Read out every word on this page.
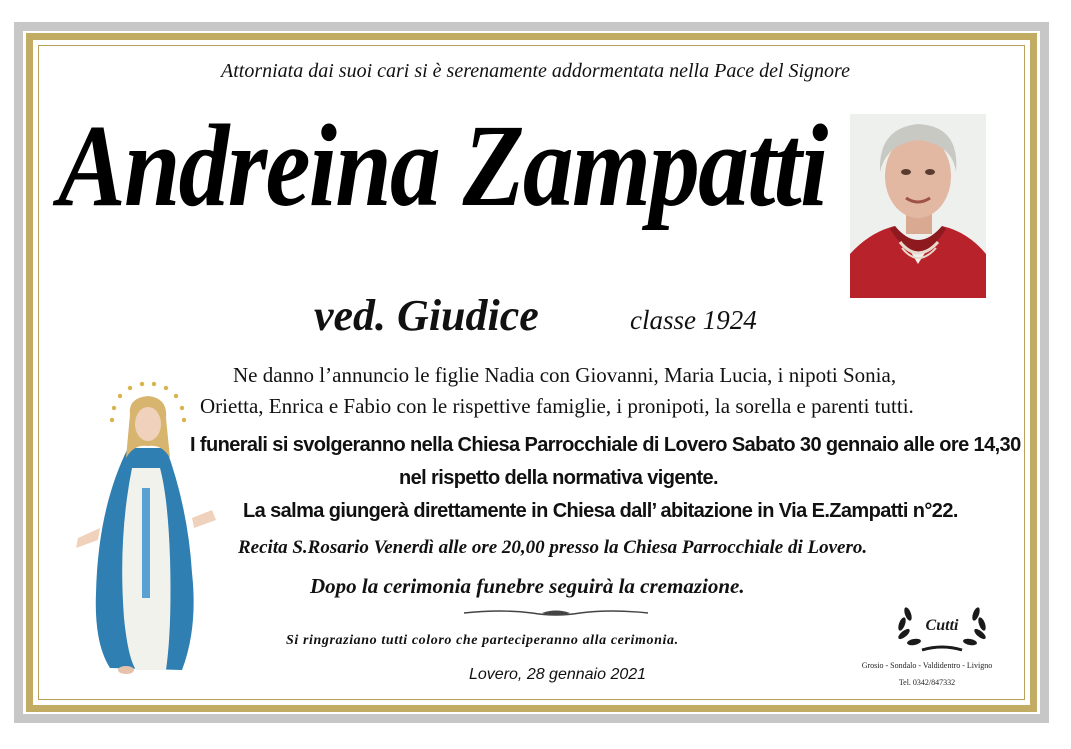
Attorniata dai suoi cari si è serenamente addormentata nella Pace del Signore
Andreina Zampatti
ved. Giudice	classe 1924
Ne danno l’annuncio le figlie Nadia con Giovanni, Maria Lucia, i nipoti Sonia,
Orietta, Enrica e Fabio con le rispettive famiglie, i pronipoti, la sorella e parenti tutti.
I funerali si svolgeranno nella Chiesa Parrocchiale di Lovero Sabato 30 gennaio alle ore 14,30
nel rispetto della normativa vigente.
La salma giungerà direttamente in Chiesa dall’ abitazione in Via E.Zampatti n°22.
Recita S.Rosario Venerdì alle ore 20,00 presso la Chiesa Parrocchiale di Lovero.
Dopo la cerimonia funebre seguirà la cremazione.
Si ringraziano tutti coloro che parteciperanno alla cerimonia.
Lovero, 28 gennaio 2021
Cutti
Grosio - Sondalo - Valdidentro - Livigno
Tel. 0342/847332
